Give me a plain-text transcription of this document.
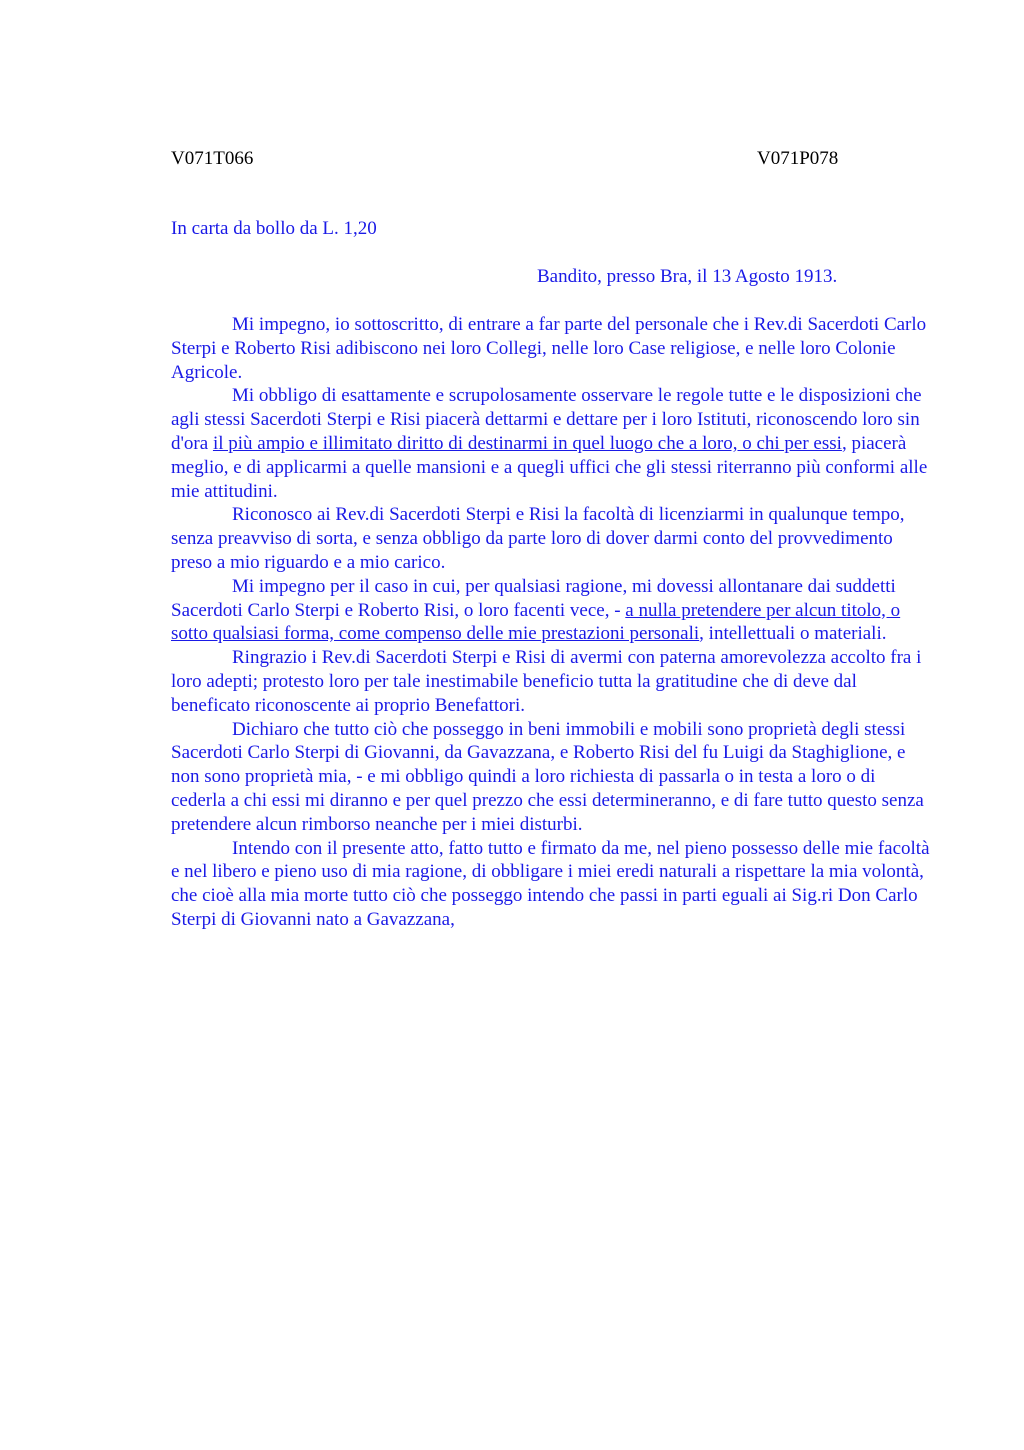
V071T066	V071P078
In carta da bollo da L. 1,20
Bandito, presso Bra, il 13 Agosto 1913.

Mi impegno, io sottoscritto, di entrare a far parte del personale che i Rev.di Sacerdoti Carlo Sterpi e Roberto Risi adibiscono nei loro Collegi, nelle loro Case religiose, e nelle loro Colonie Agricole.

Mi obbligo di esattamente e scrupolosamente osservare le regole tutte e le disposizioni che agli stessi Sacerdoti Sterpi e Risi piacerà dettarmi e dettare per i loro Istituti, riconoscendo loro sin d'ora il più ampio e illimitato diritto di destinarmi in quel luogo che a loro, o chi per essi, piacerà meglio, e di applicarmi a quelle mansioni e a quegli uffici che gli stessi riterranno più conformi alle mie attitudini.

Riconosco ai Rev.di Sacerdoti Sterpi e Risi la facoltà di licenziarmi in qualunque tempo, senza preavviso di sorta, e senza obbligo da parte loro di dover darmi conto del provvedimento preso a mio riguardo e a mio carico.

Mi impegno per il caso in cui, per qualsiasi ragione, mi dovessi allontanare dai suddetti Sacerdoti Carlo Sterpi e Roberto Risi, o loro facenti vece, - a nulla pretendere per alcun titolo, o sotto qualsiasi forma, come compenso delle mie prestazioni personali, intellettuali o materiali.

Ringrazio i Rev.di Sacerdoti Sterpi e Risi di avermi con paterna amorevolezza accolto fra i loro adepti; protesto loro per tale inestimabile beneficio tutta la gratitudine che di deve dal beneficato riconoscente ai proprio Benefattori.

Dichiaro che tutto ciò che posseggo in beni immobili e mobili sono proprietà degli stessi Sacerdoti Carlo Sterpi di Giovanni, da Gavazzana, e Roberto Risi del fu Luigi da Staghiglione, e non sono proprietà mia, - e mi obbligo quindi a loro richiesta di passarla o in testa a loro o di cederla a chi essi mi diranno e per quel prezzo che essi determineranno, e di fare tutto questo senza pretendere alcun rimborso neanche per i miei disturbi.

Intendo con il presente atto, fatto tutto e firmato da me, nel pieno possesso delle mie facoltà e nel libero e pieno uso di mia ragione, di obbligare i miei eredi naturali a rispettare la mia volontà, che cioè alla mia morte tutto ciò che posseggo intendo che passi in parti eguali ai Sig.ri Don Carlo Sterpi di Giovanni nato a Gavazzana,
